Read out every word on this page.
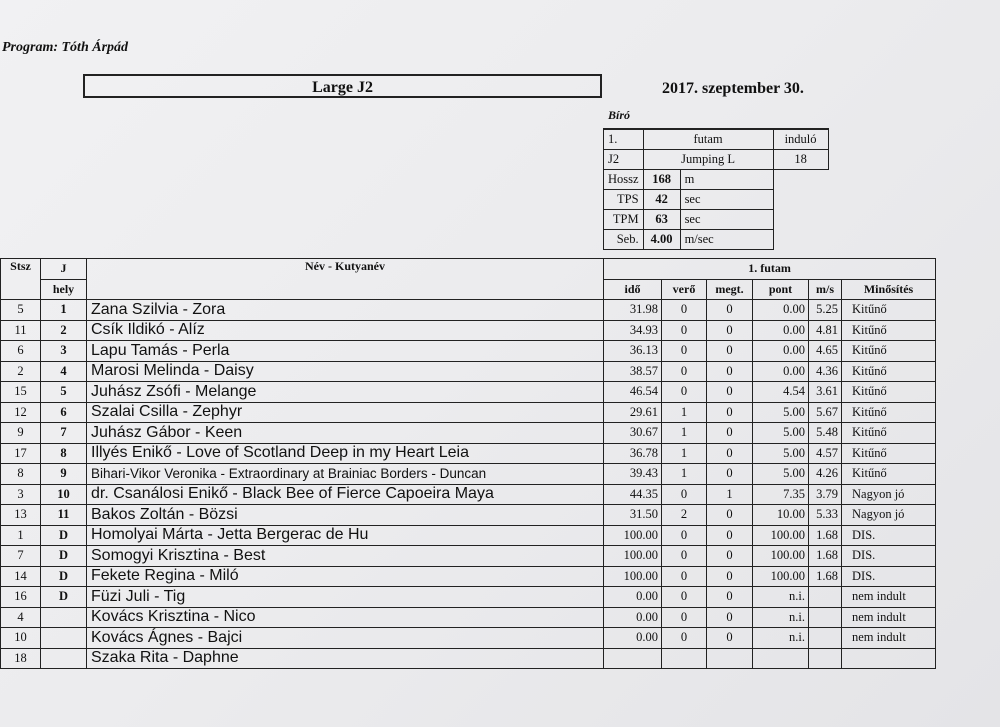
Program: Tóth Árpád
Large J2	2017. szeptember 30.
Bíró
1.	futam		induló
J2	Jumping L		18
Hossz	168	m	
TPS	42	sec	
TPM	63	sec	
Seb.	4.00	m/sec	
Stsz	J	Név - Kutyanév	1. futam					
	hely		idő	verő	megt.	pont	m/s	Minősítés
5	1	Zana Szilvia - Zora	31.98	0	0	0.00	5.25	Kitűnő
11	2	Csík Ildikó - Alíz	34.93	0	0	0.00	4.81	Kitűnő
6	3	Lapu Tamás - Perla	36.13	0	0	0.00	4.65	Kitűnő
2	4	Marosi Melinda - Daisy	38.57	0	0	0.00	4.36	Kitűnő
15	5	Juhász Zsófi - Melange	46.54	0	0	4.54	3.61	Kitűnő
12	6	Szalai Csilla - Zephyr	29.61	1	0	5.00	5.67	Kitűnő
9	7	Juhász Gábor - Keen	30.67	1	0	5.00	5.48	Kitűnő
17	8	Illyés Enikő - Love of Scotland Deep in my Heart Leia	36.78	1	0	5.00	4.57	Kitűnő
8	9	Bihari-Vikor Veronika - Extraordinary at Brainiac Borders - Duncan	39.43	1	0	5.00	4.26	Kitűnő
3	10	dr. Csanálosi Enikő - Black Bee of Fierce Capoeira Maya	44.35	0	1	7.35	3.79	Nagyon jó
13	11	Bakos Zoltán - Bözsi	31.50	2	0	10.00	5.33	Nagyon jó
1	D	Homolyai Márta - Jetta Bergerac de Hu	100.00	0	0	100.00	1.68	DIS.
7	D	Somogyi Krisztina - Best	100.00	0	0	100.00	1.68	DIS.
14	D	Fekete Regina - Miló	100.00	0	0	100.00	1.68	DIS.
16	D	Füzi Juli - Tig	0.00	0	0	n.i.		nem indult
4		Kovács Krisztina - Nico	0.00	0	0	n.i.		nem indult
10		Kovács Ágnes - Bajci	0.00	0	0	n.i.		nem indult
18		Szaka Rita - Daphne						
